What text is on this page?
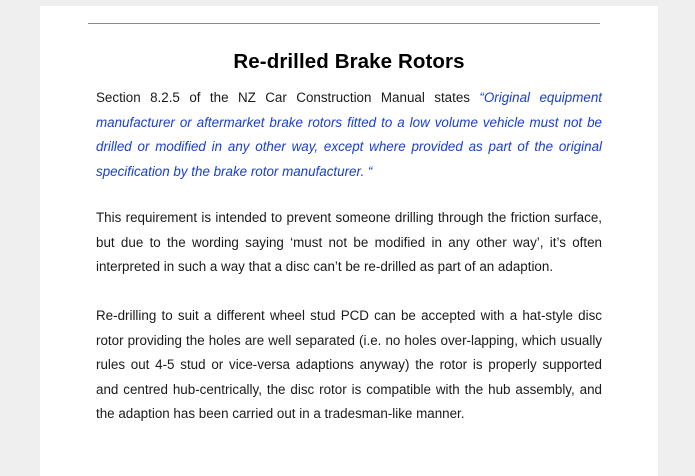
Re-drilled Brake Rotors
Section 8.2.5 of the NZ Car Construction Manual states “Original equipment manufacturer or aftermarket brake rotors fitted to a low volume vehicle must not be drilled or modified in any other way, except where provided as part of the original specification by the brake rotor manufacturer. “
This requirement is intended to prevent someone drilling through the friction surface, but due to the wording saying ‘must not be modified in any other way’, it’s often interpreted in such a way that a disc can’t be re-drilled as part of an adaption.
Re-drilling to suit a different wheel stud PCD can be accepted with a hat-style disc rotor providing the holes are well separated (i.e. no holes over-lapping, which usually rules out 4-5 stud or vice-versa adaptions anyway) the rotor is properly supported and centred hub-centrically, the disc rotor is compatible with the hub assembly, and the adaption has been carried out in a tradesman-like manner.
